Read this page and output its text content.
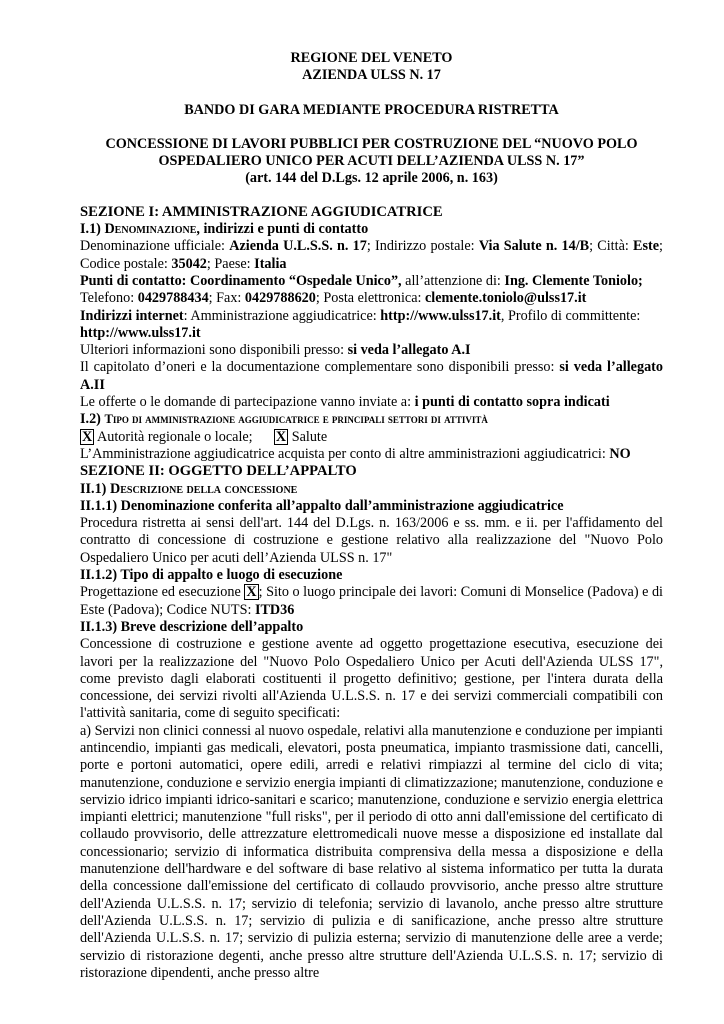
REGIONE DEL VENETO
AZIENDA ULSS N. 17
BANDO DI GARA MEDIANTE PROCEDURA RISTRETTA
CONCESSIONE DI LAVORI PUBBLICI PER COSTRUZIONE DEL “NUOVO POLO
OSPEDALIERO UNICO PER ACUTI DELL’AZIENDA ULSS N. 17”
(art. 144 del D.Lgs. 12 aprile 2006, n. 163)

SEZIONE I: AMMINISTRAZIONE AGGIUDICATRICE

I.1) Denominazione, indirizzi e punti di contatto

Denominazione ufficiale: Azienda U.L.S.S. n. 17; Indirizzo postale: Via Salute n. 14/B; Città: Este; Codice postale: 35042; Paese: Italia

Punti di contatto: Coordinamento “Ospedale Unico”, all’attenzione di: Ing. Clemente Toniolo;
Telefono: 0429788434; Fax: 0429788620; Posta elettronica: clemente.toniolo@ulss17.it

Indirizzi internet: Amministrazione aggiudicatrice: http://www.ulss17.it, Profilo di committente:
http://www.ulss17.it

Ulteriori informazioni sono disponibili presso: si veda l’allegato A.I

Il capitolato d’oneri e la documentazione complementare sono disponibili presso: si veda l’allegato A.II

Le offerte o le domande di partecipazione vanno inviate a: i punti di contatto sopra indicati

I.2) Tipo di amministrazione aggiudicatrice e principali settori di attività

X Autorità regionale o locale; X Salute

L’Amministrazione aggiudicatrice acquista per conto di altre amministrazioni aggiudicatrici: NO

SEZIONE II: OGGETTO DELL’APPALTO

II.1) Descrizione della concessione

II.1.1) Denominazione conferita all’appalto dall’amministrazione aggiudicatrice

Procedura ristretta ai sensi dell'art. 144 del D.Lgs. n. 163/2006 e ss. mm. e ii. per l'affidamento del contratto di concessione di costruzione e gestione relativo alla realizzazione del "Nuovo Polo Ospedaliero Unico per acuti dell’Azienda ULSS n. 17"

II.1.2) Tipo di appalto e luogo di esecuzione

Progettazione ed esecuzione X ; Sito o luogo principale dei lavori: Comuni di Monselice (Padova) e di Este (Padova); Codice NUTS: ITD36

II.1.3) Breve descrizione dell’appalto

Concessione di costruzione e gestione avente ad oggetto progettazione esecutiva, esecuzione dei lavori per la realizzazione del "Nuovo Polo Ospedaliero Unico per Acuti dell'Azienda ULSS 17", come previsto dagli elaborati costituenti il progetto definitivo; gestione, per l'intera durata della concessione, dei servizi rivolti all'Azienda U.L.S.S. n. 17 e dei servizi commerciali compatibili con l'attività sanitaria, come di seguito specificati:

a) Servizi non clinici connessi al nuovo ospedale, relativi alla manutenzione e conduzione per impianti antincendio, impianti gas medicali, elevatori, posta pneumatica, impianto trasmissione dati, cancelli, porte e portoni automatici, opere edili, arredi e relativi rimpiazzi al termine del ciclo di vita; manutenzione, conduzione e servizio energia impianti di climatizzazione; manutenzione, conduzione e servizio idrico impianti idrico-sanitari e scarico; manutenzione, conduzione e servizio energia elettrica impianti elettrici; manutenzione "full risks", per il periodo di otto anni dall'emissione del certificato di collaudo provvisorio, delle attrezzature elettromedicali nuove messe a disposizione ed installate dal concessionario; servizio di informatica distribuita comprensiva della messa a disposizione e della manutenzione dell'hardware e del software di base relativo al sistema informatico per tutta la durata della concessione dall'emissione del certificato di collaudo provvisorio, anche presso altre strutture dell'Azienda U.L.S.S. n. 17; servizio di telefonia; servizio di lavanolo, anche presso altre strutture dell'Azienda U.L.S.S. n. 17; servizio di pulizia e di sanificazione, anche presso altre strutture dell'Azienda U.L.S.S. n. 17; servizio di pulizia esterna; servizio di manutenzione delle aree a verde; servizio di ristorazione degenti, anche presso altre strutture dell'Azienda U.L.S.S. n. 17; servizio di ristorazione dipendenti, anche presso altre
